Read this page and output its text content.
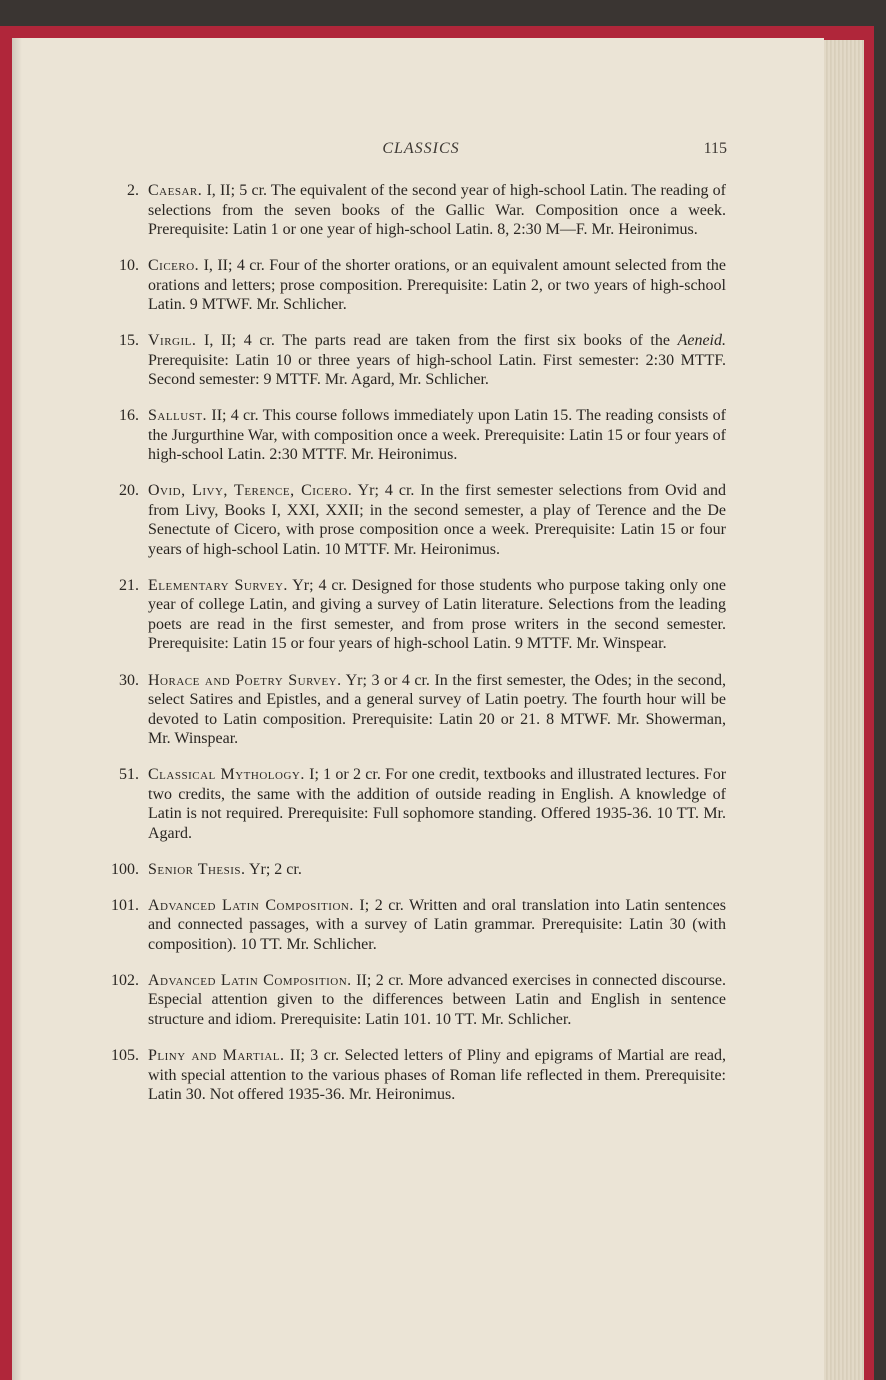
CLASSICS	115
2. Caesar. I, II; 5 cr. The equivalent of the second year of high-school Latin. The reading of selections from the seven books of the Gallic War. Composition once a week. Prerequisite: Latin 1 or one year of high-school Latin. 8, 2:30 M—F. Mr. Heironimus.
10. Cicero. I, II; 4 cr. Four of the shorter orations, or an equivalent amount selected from the orations and letters; prose composition. Prerequisite: Latin 2, or two years of high-school Latin. 9 MTWF. Mr. Schlicher.
15. Virgil. I, II; 4 cr. The parts read are taken from the first six books of the Aeneid. Prerequisite: Latin 10 or three years of high-school Latin. First semester: 2:30 MTTF. Second semester: 9 MTTF. Mr. Agard, Mr. Schlicher.
16. Sallust. II; 4 cr. This course follows immediately upon Latin 15. The reading consists of the Jurgurthine War, with composition once a week. Prerequisite: Latin 15 or four years of high-school Latin. 2:30 MTTF. Mr. Heironimus.
20. Ovid, Livy, Terence, Cicero. Yr; 4 cr. In the first semester selections from Ovid and from Livy, Books I, XXI, XXII; in the second semester, a play of Terence and the De Senectute of Cicero, with prose composition once a week. Prerequisite: Latin 15 or four years of high-school Latin. 10 MTTF. Mr. Heironimus.
21. Elementary Survey. Yr; 4 cr. Designed for those students who purpose taking only one year of college Latin, and giving a survey of Latin literature. Selections from the leading poets are read in the first semester, and from prose writers in the second semester. Prerequisite: Latin 15 or four years of high-school Latin. 9 MTTF. Mr. Winspear.
30. Horace and Poetry Survey. Yr; 3 or 4 cr. In the first semester, the Odes; in the second, select Satires and Epistles, and a general survey of Latin poetry. The fourth hour will be devoted to Latin composition. Prerequisite: Latin 20 or 21. 8 MTWF. Mr. Showerman, Mr. Winspear.
51. Classical Mythology. I; 1 or 2 cr. For one credit, textbooks and illustrated lectures. For two credits, the same with the addition of outside reading in English. A knowledge of Latin is not required. Prerequisite: Full sophomore standing. Offered 1935-36. 10 TT. Mr. Agard.
100. Senior Thesis. Yr; 2 cr.
101. Advanced Latin Composition. I; 2 cr. Written and oral translation into Latin sentences and connected passages, with a survey of Latin grammar. Prerequisite: Latin 30 (with composition). 10 TT. Mr. Schlicher.
102. Advanced Latin Composition. II; 2 cr. More advanced exercises in connected discourse. Especial attention given to the differences between Latin and English in sentence structure and idiom. Prerequisite: Latin 101. 10 TT. Mr. Schlicher.
105. Pliny and Martial. II; 3 cr. Selected letters of Pliny and epigrams of Martial are read, with special attention to the various phases of Roman life reflected in them. Prerequisite: Latin 30. Not offered 1935-36. Mr. Heironimus.
